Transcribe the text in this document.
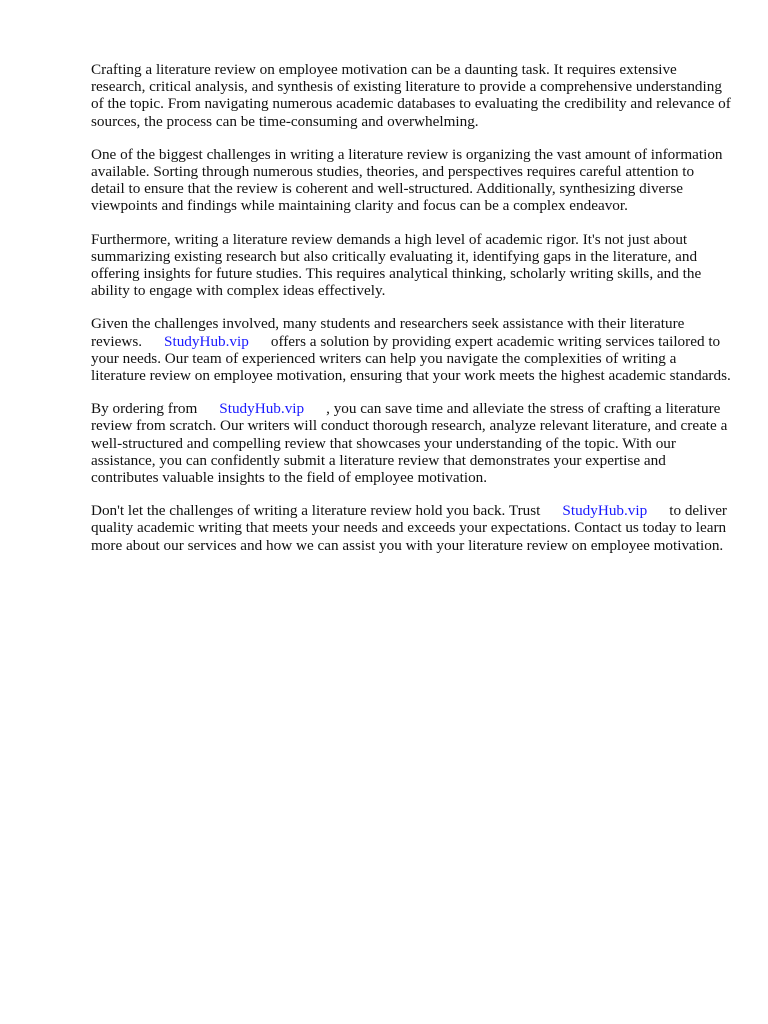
Crafting a literature review on employee motivation can be a daunting task. It requires extensive research, critical analysis, and synthesis of existing literature to provide a comprehensive understanding of the topic. From navigating numerous academic databases to evaluating the credibility and relevance of sources, the process can be time-consuming and overwhelming.

One of the biggest challenges in writing a literature review is organizing the vast amount of information available. Sorting through numerous studies, theories, and perspectives requires careful attention to detail to ensure that the review is coherent and well-structured. Additionally, synthesizing diverse viewpoints and findings while maintaining clarity and focus can be a complex endeavor.

Furthermore, writing a literature review demands a high level of academic rigor. It's not just about summarizing existing research but also critically evaluating it, identifying gaps in the literature, and offering insights for future studies. This requires analytical thinking, scholarly writing skills, and the ability to engage with complex ideas effectively.

Given the challenges involved, many students and researchers seek assistance with their literature reviews. StudyHub.vip offers a solution by providing expert academic writing services tailored to your needs. Our team of experienced writers can help you navigate the complexities of writing a literature review on employee motivation, ensuring that your work meets the highest academic standards.

By ordering from StudyHub.vip , you can save time and alleviate the stress of crafting a literature review from scratch. Our writers will conduct thorough research, analyze relevant literature, and create a well-structured and compelling review that showcases your understanding of the topic. With our assistance, you can confidently submit a literature review that demonstrates your expertise and contributes valuable insights to the field of employee motivation.

Don't let the challenges of writing a literature review hold you back. Trust StudyHub.vip to deliver quality academic writing that meets your needs and exceeds your expectations. Contact us today to learn more about our services and how we can assist you with your literature review on employee motivation.
